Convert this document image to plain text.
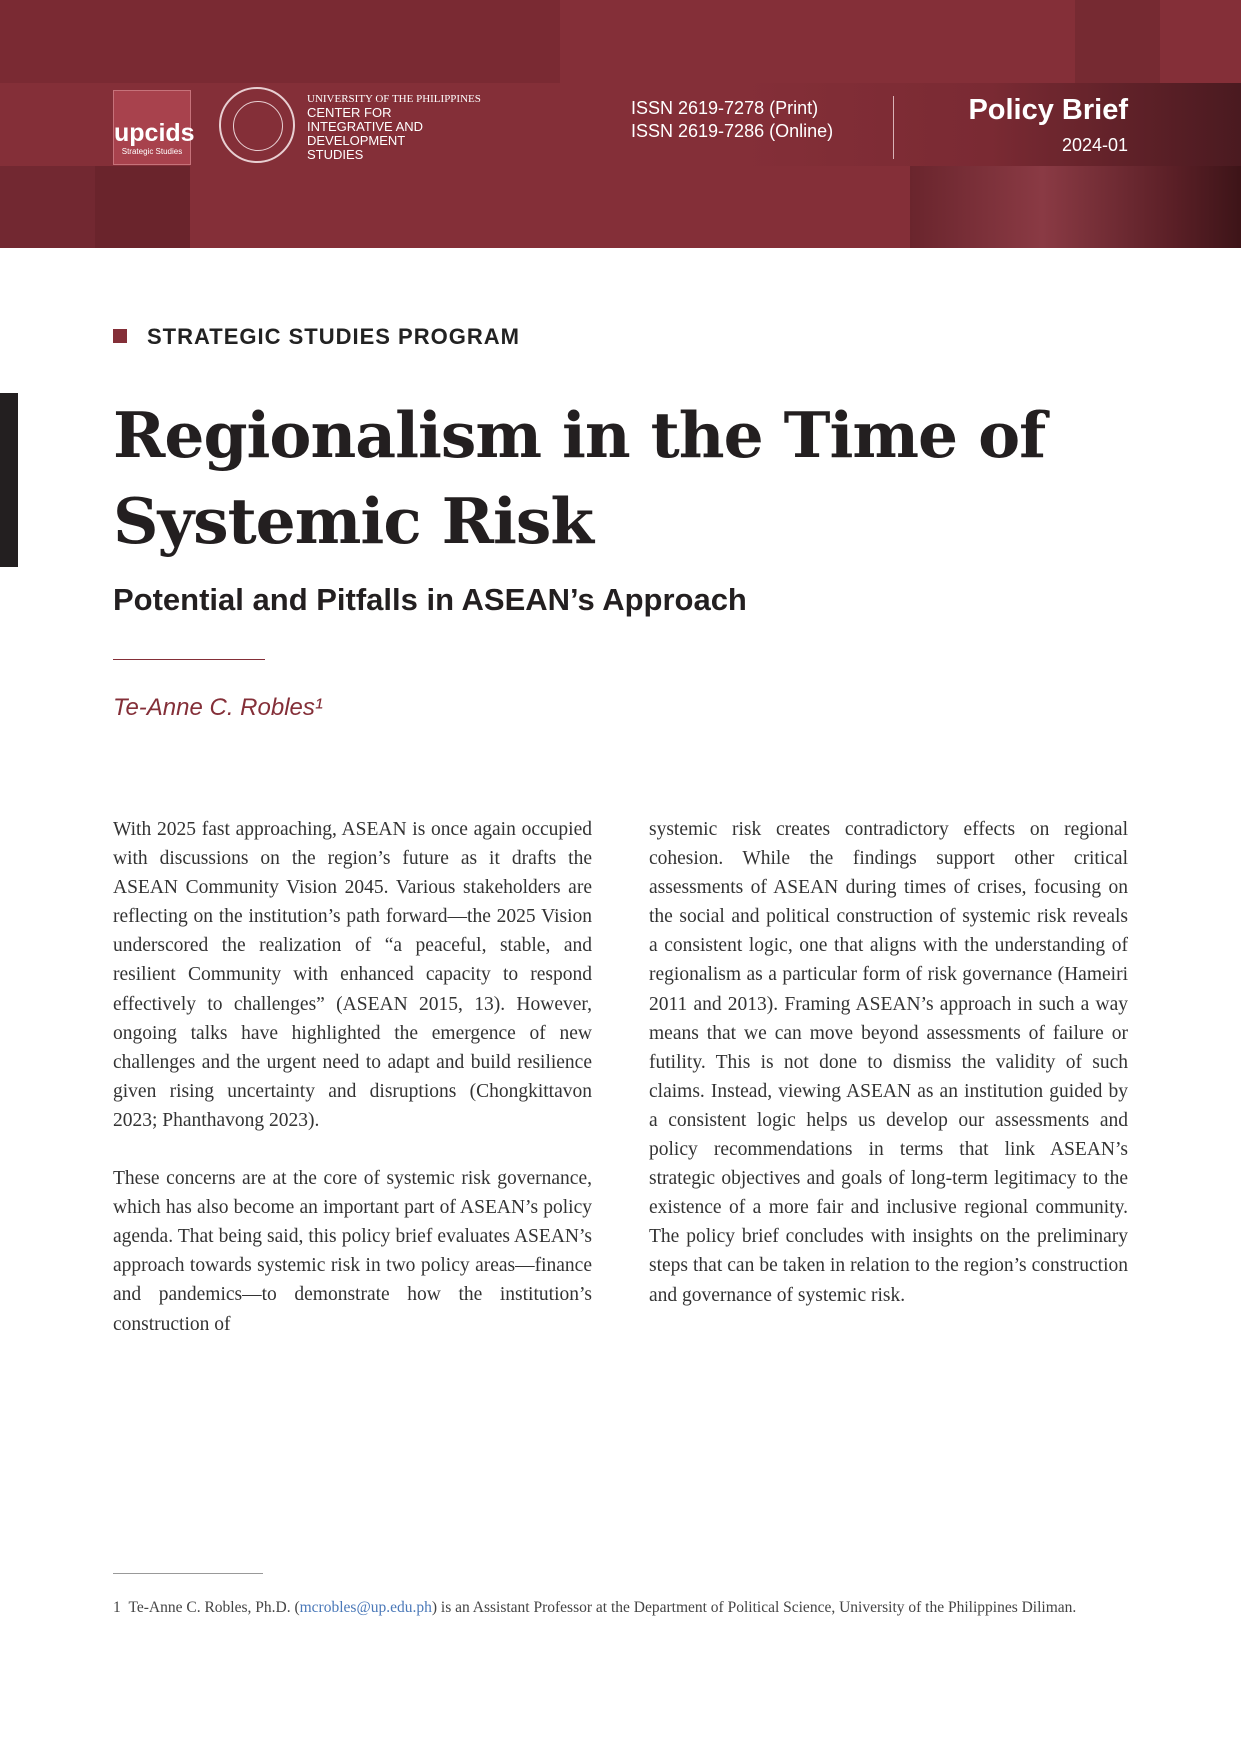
upcids
Strategic Studies
UNIVERSITY OF THE PHILIPPINES
CENTER FOR
INTEGRATIVE AND
DEVELOPMENT
STUDIES
ISSN 2619-7278 (Print)
ISSN 2619-7286 (Online)
Policy Brief
2024-01
STRATEGIC STUDIES PROGRAM
Regionalism in the Time of
Systemic Risk
Potential and Pitfalls in ASEAN’s Approach
Te-Anne C. Robles¹

With 2025 fast approaching, ASEAN is once again occupied with discussions on the region’s future as it drafts the ASEAN Community Vision 2045. Various stakeholders are reflecting on the institution’s path forward—the 2025 Vision underscored the realization of “a peaceful, stable, and resilient Community with enhanced capacity to respond effectively to challenges” (ASEAN 2015, 13). However, ongoing talks have highlighted the emergence of new challenges and the urgent need to adapt and build resilience given rising uncertainty and disruptions (Chongkittavon 2023; Phanthavong 2023).

These concerns are at the core of systemic risk governance, which has also become an important part of ASEAN’s policy agenda. That being said, this policy brief evaluates ASEAN’s approach towards systemic risk in two policy areas—finance and pandemics—to demonstrate how the institution’s construction of

systemic risk creates contradictory effects on regional cohesion. While the findings support other critical assessments of ASEAN during times of crises, focusing on the social and political construction of systemic risk reveals a consistent logic, one that aligns with the understanding of regionalism as a particular form of risk governance (Hameiri 2011 and 2013). Framing ASEAN’s approach in such a way means that we can move beyond assessments of failure or futility. This is not done to dismiss the validity of such claims. Instead, viewing ASEAN as an institution guided by a consistent logic helps us develop our assessments and policy recommendations in terms that link ASEAN’s strategic objectives and goals of long-term legitimacy to the existence of a more fair and inclusive regional community. The policy brief concludes with insights on the preliminary steps that can be taken in relation to the region’s construction and governance of systemic risk.

1 Te-Anne C. Robles, Ph.D. (mcrobles@up.edu.ph) is an Assistant Professor at the Department of Political Science, University of the Philippines Diliman.
